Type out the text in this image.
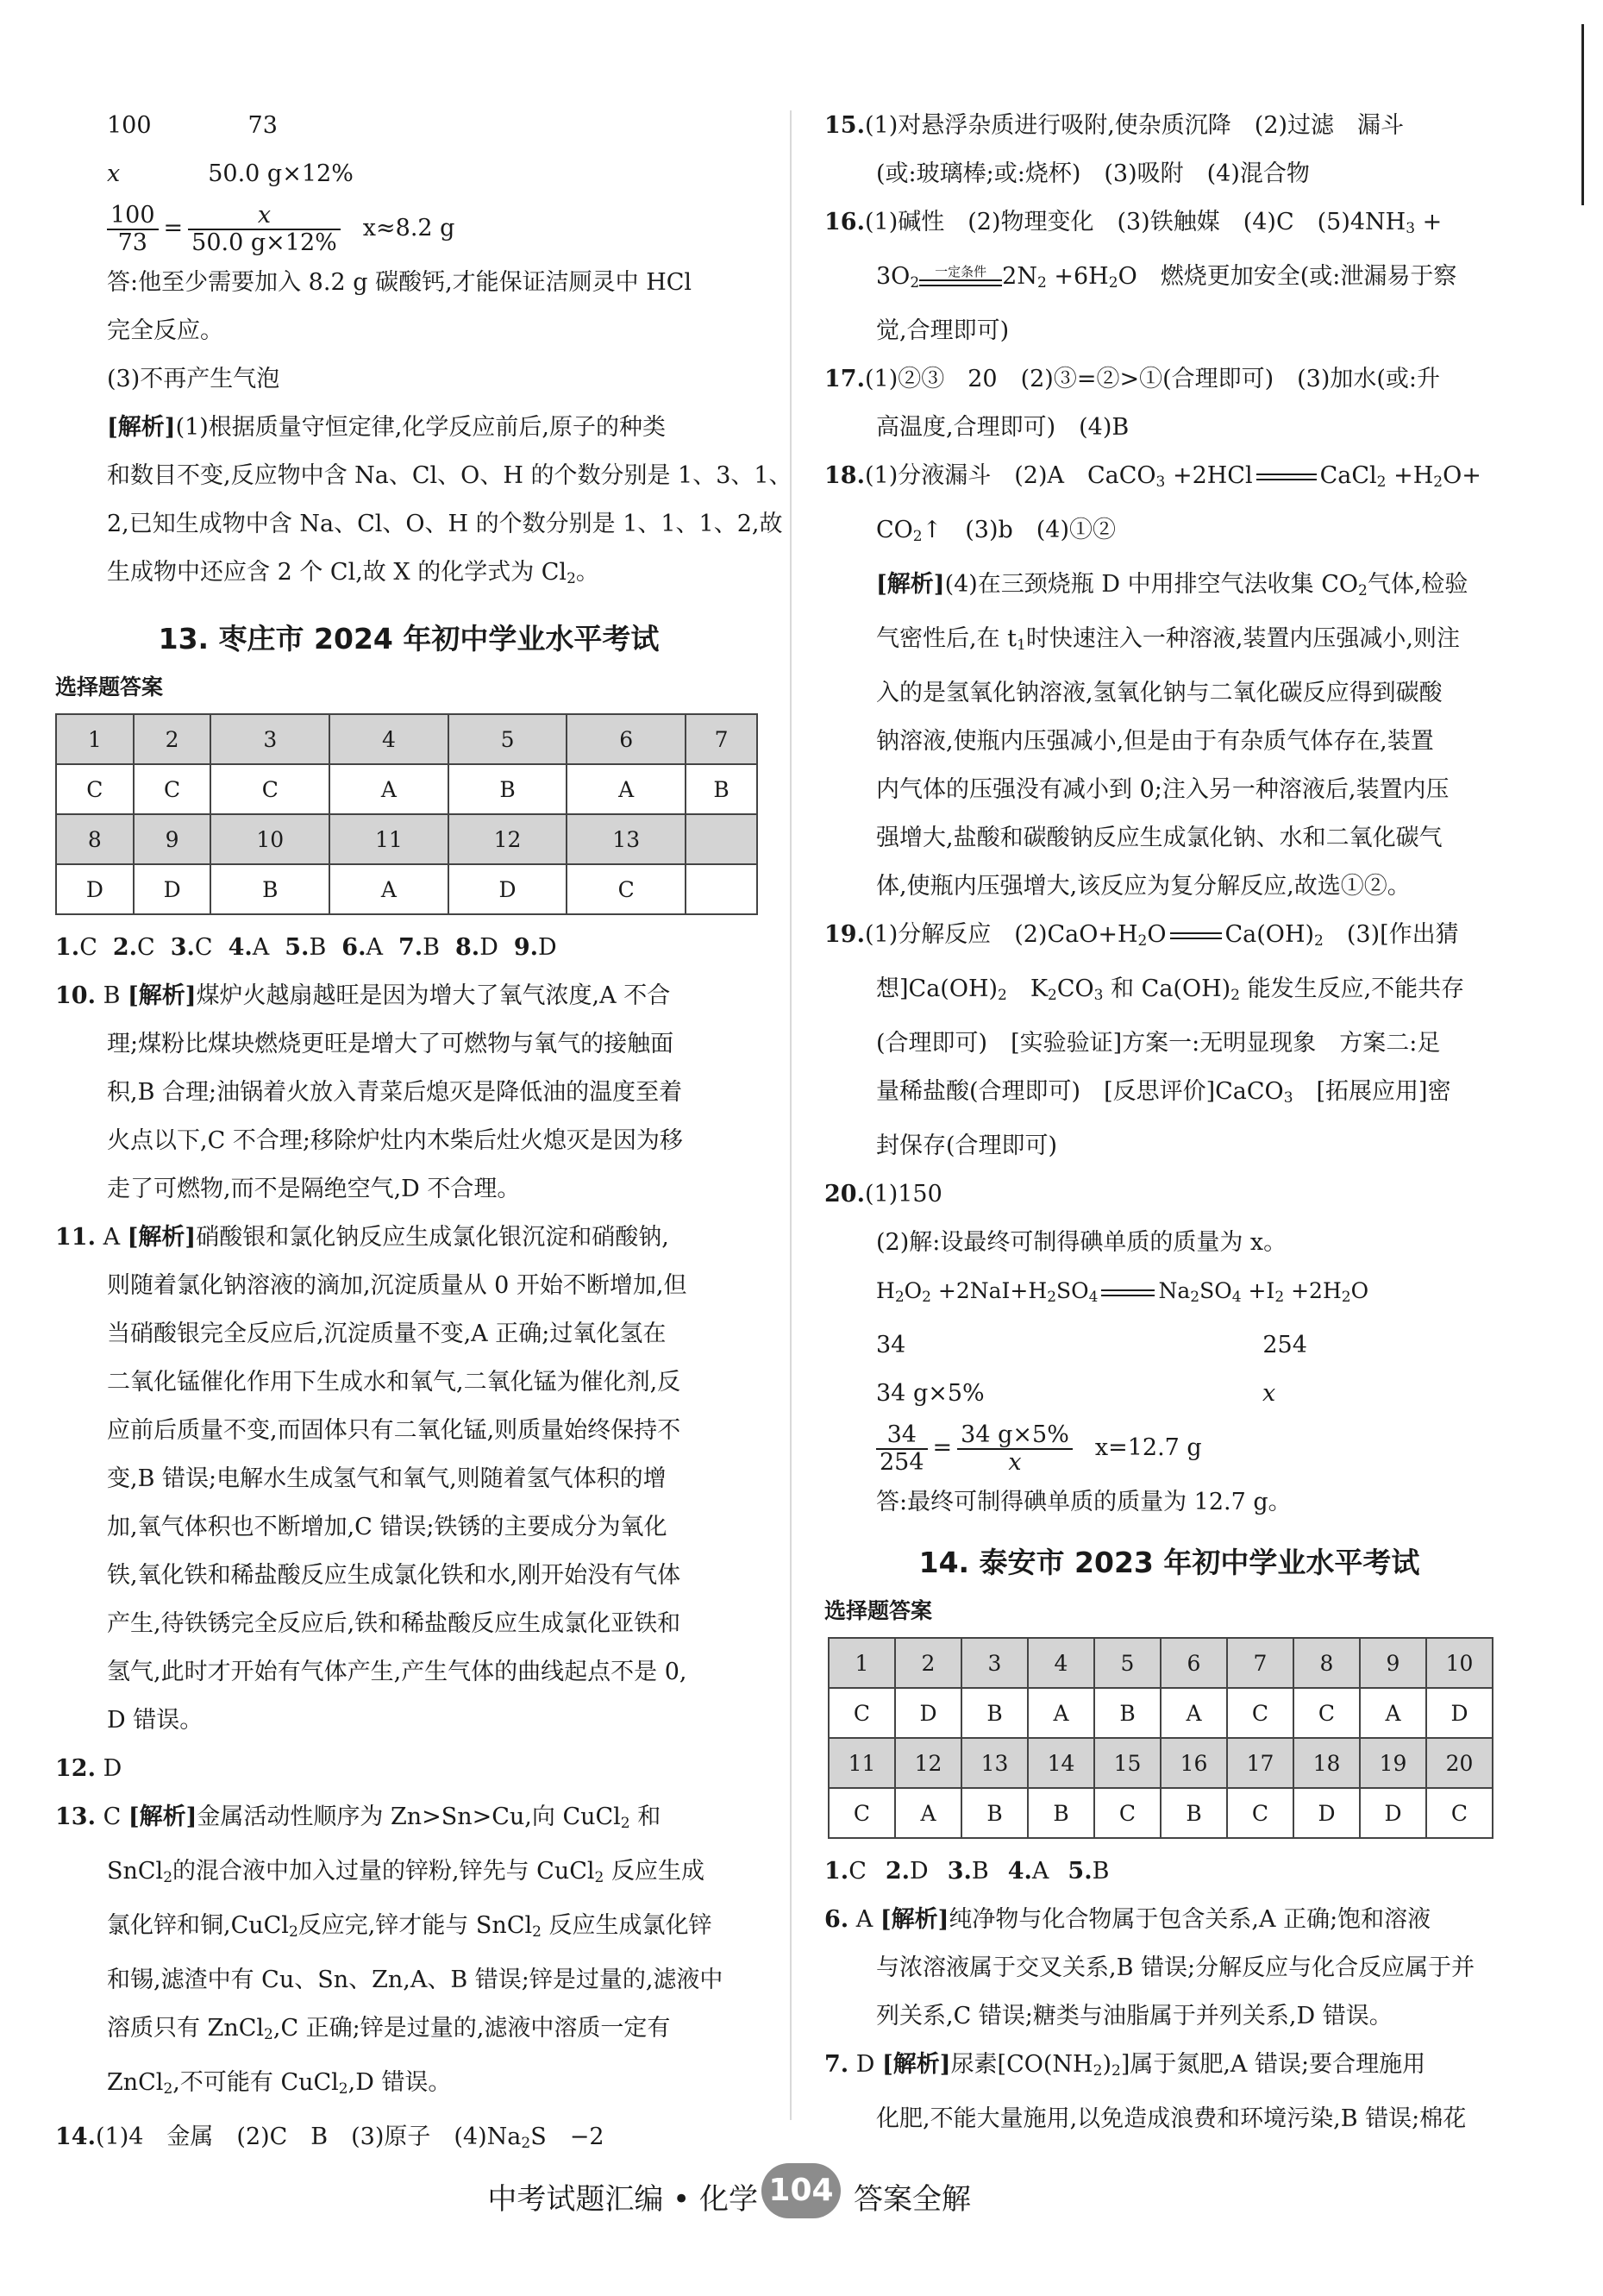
100	73

x	50.0 g×12%

$\frac{100}{73} = \frac{x}{50.0 g\times 12\%} x\approx 8.2$ g

答:他至少需要加入 8.2 g 碳酸钙,才能保证洁厕灵中 HCl

完全反应。

(3)不再产生气泡

[解析](1)根据质量守恒定律,化学反应前后,原子的种类

和数目不变,反应物中含 Na、Cl、O、H 的个数分别是 1、3、1、

2,已知生成物中含 Na、Cl、O、H 的个数分别是 1、1、1、2,故

生成物中还应含 2 个 Cl,故 X 的化学式为 $Cl_2$。

13. 枣庄市 2024 年初中学业水平考试

选择题答案

1	2	3	4	5	6	7
C	C	C	A	B	A	B
8	9	10	11	12	13	
D	D	B	A	D	C	

1.C 2.C 3.C 4.A 5.B 6.A 7.B 8.D 9.D

10. B [解析]煤炉火越扇越旺是因为增大了氧气浓度,A 不合

理;煤粉比煤块燃烧更旺是增大了可燃物与氧气的接触面

积,B 合理;油锅着火放入青菜后熄灭是降低油的温度至着

火点以下,C 不合理;移除炉灶内木柴后灶火熄灭是因为移

走了可燃物,而不是隔绝空气,D 不合理。

11. A [解析]硝酸银和氯化钠反应生成氯化银沉淀和硝酸钠,

则随着氯化钠溶液的滴加,沉淀质量从 0 开始不断增加,但

当硝酸银完全反应后,沉淀质量不变,A 正确;过氧化氢在

二氧化锰催化作用下生成水和氧气,二氧化锰为催化剂,反

应前后质量不变,而固体只有二氧化锰,则质量始终保持不

变,B 错误;电解水生成氢气和氧气,则随着氢气体积的增

加,氧气体积也不断增加,C 错误;铁锈的主要成分为氧化

铁,氧化铁和稀盐酸反应生成氯化铁和水,刚开始没有气体

产生,待铁锈完全反应后,铁和稀盐酸反应生成氯化亚铁和

氢气,此时才开始有气体产生,产生气体的曲线起点不是 0,

D 错误。

12. D

13. C [解析]金属活动性顺序为 Zn>Sn>Cu,向 CuCl$_2$ 和

SnCl$_2$的混合液中加入过量的锌粉,锌先与 CuCl$_2$ 反应生成

氯化锌和铜,CuCl$_2$反应完,锌才能与 SnCl$_2$ 反应生成氯化锌

和锡,滤渣中有 Cu、Sn、Zn,A、B 错误;锌是过量的,滤液中

溶质只有 ZnCl$_2$,C 正确;锌是过量的,滤液中溶质一定有

ZnCl$_2$,不可能有 CuCl$_2$,D 错误。

14.(1)4　金属　(2)C　B　(3)原子　$(4)Na_2S$　−2

15.(1)对悬浮杂质进行吸附,使杂质沉降　(2)过滤　漏斗

(或:玻璃棒;或:烧杯)　(3)吸附　(4)混合物

16.(1)碱性　(2)物理变化　(3)铁触媒　(4)C　$(5)4NH_3$ +

$3O_2$
一定条件 $2N_2 +6H_2O$　燃烧更加安全(或:泄漏易于察

觉,合理即可)

17.(1)②③　20　(2)③=②>①(合理即可)　(3)加水(或:升

高温度,合理即可)　(4)B

18.(1)分液漏斗　(2)A　CaCO$_3$ +2HCl	CaCl$_2$ $+H_2O+$

$CO_2↑$　(3)b　(4)①②

[解析](4)在三颈烧瓶 D 中用排空气法收集 $CO_2$气体,检验

气密性后,在 $t_1$时快速注入一种溶液,装置内压强减小,则注

入的是氢氧化钠溶液,氢氧化钠与二氧化碳反应得到碳酸

钠溶液,使瓶内压强减小,但是由于有杂质气体存在,装置

内气体的压强没有减小到 0;注入另一种溶液后,装置内压

强增大,盐酸和碳酸钠反应生成氯化钠、水和二氧化碳气

体,使瓶内压强增大,该反应为复分解反应,故选①②。

19.(1)分解反应　$(2)CaO+H_2O$	$Ca(OH)_2$　(3)[作出猜

想]$Ca(OH)_2$　$K_2CO_3$ 和 $Ca(OH)_2$ 能发生反应,不能共存

(合理即可)　[实验验证]方案一:无明显现象　方案二:足

量稀盐酸(合理即可)　[反思评价]CaCO$_3$　[拓展应用]密

封保存(合理即可)

20.(1)150

(2)解:设最终可制得碘单质的质量为 x。

$H_2O_2 +2NaI+H_2SO_4$	$Na_2SO_4 +I_2 +2H_2O$

34	254

34 g×5%	x

$\frac{34}{254} = \frac{34 g\times 5\%}{x} x=12.7$ g

答:最终可制得碘单质的质量为 12.7 g。

14. 泰安市 2023 年初中学业水平考试

选择题答案

1	2	3	4	5	6	7	8	9	10
C	D	B	A	B	A	C	C	A	D
11	12	13	14	15	16	17	18	19	20
C	A	B	B	C	B	C	D	D	C

1.C 2.D 3.B 4.A 5.B

6. A [解析]纯净物与化合物属于包含关系,A 正确;饱和溶液

与浓溶液属于交叉关系,B 错误;分解反应与化合反应属于并

列关系,C 错误;糖类与油脂属于并列关系,D 错误。

7. D [解析]尿素$[CO(NH_2)_2]$属于氮肥,A 错误;要合理施用

化肥,不能大量施用,以免造成浪费和环境污染,B 错误;棉花

中考试题汇编 • 化学 104 答案全解
